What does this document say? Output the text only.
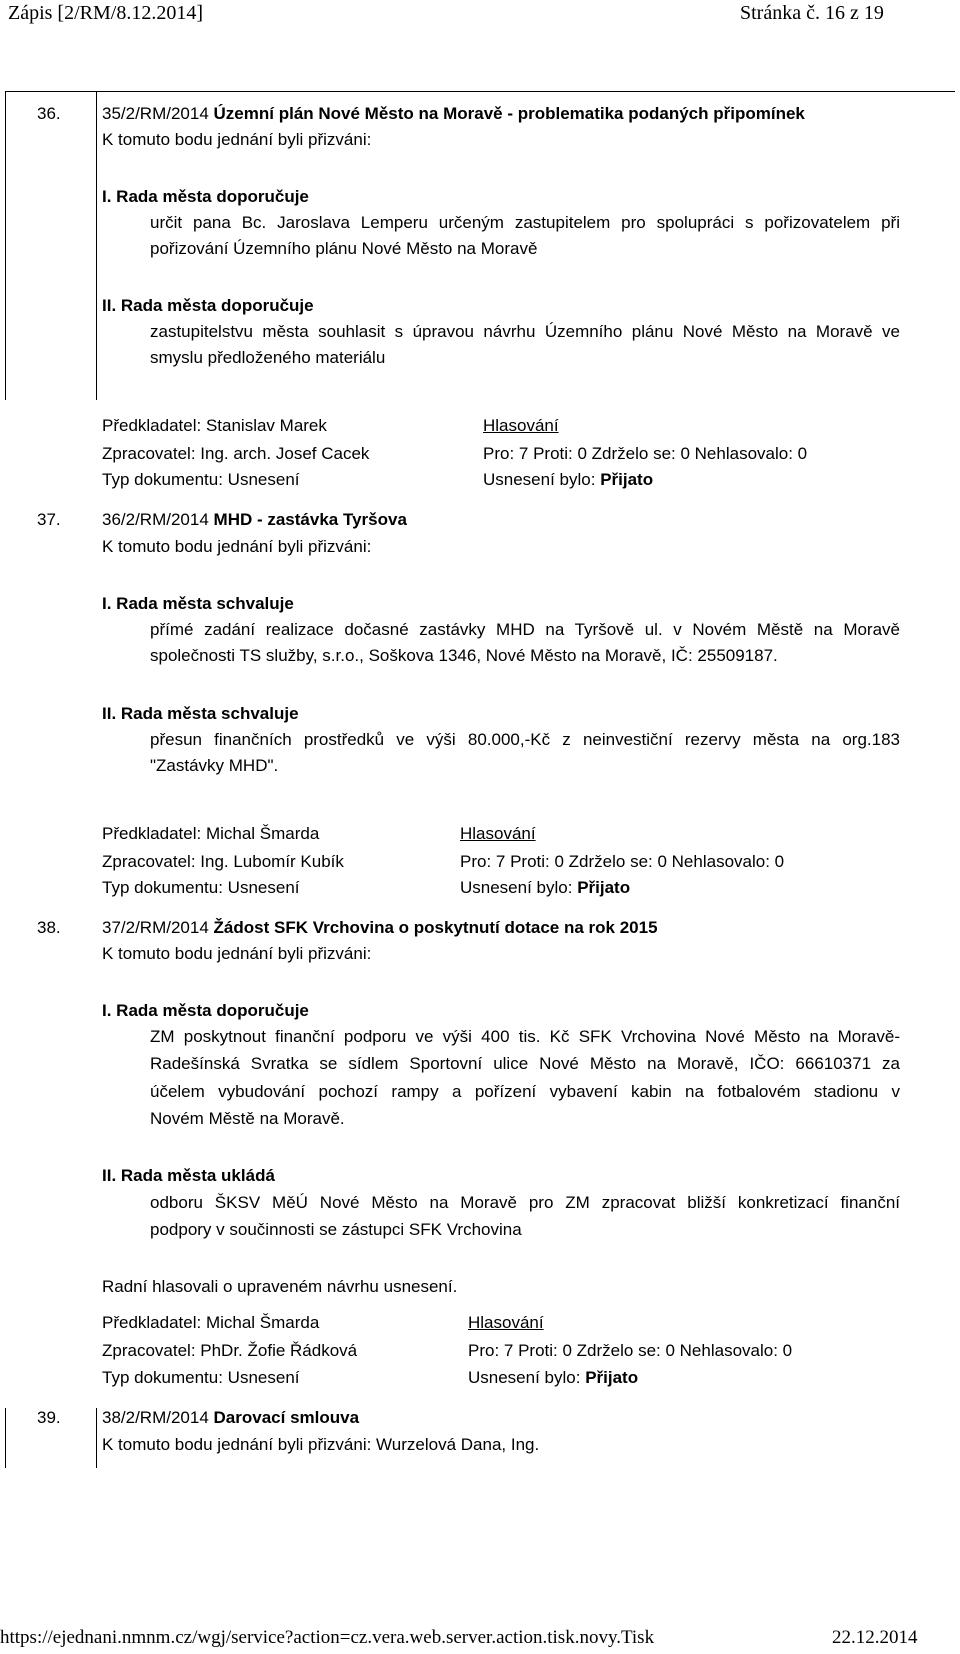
Zápis [2/RM/8.12.2014]	Stránka č. 16 z 19
36. 35/2/RM/2014 Územní plán Nové Město na Moravě - problematika podaných připomínek
K tomuto bodu jednání byli přizváni:
I. Rada města doporučuje
určit pana Bc. Jaroslava Lemperu určeným zastupitelem pro spolupráci s pořizovatelem při
pořizování Územního plánu Nové Město na Moravě
II. Rada města doporučuje
zastupitelstvu města souhlasit s úpravou návrhu Územního plánu Nové Město na Moravě ve
smyslu předloženého materiálu
Předkladatel: Stanislav Marek
Zpracovatel: Ing. arch. Josef Cacek
Typ dokumentu: Usnesení
Hlasování
Pro: 7 Proti: 0 Zdrželo se: 0 Nehlasovalo: 0
Usnesení bylo: Přijato
37. 36/2/RM/2014 MHD - zastávka Tyršova
K tomuto bodu jednání byli přizváni:
I. Rada města schvaluje
přímé zadání realizace dočasné zastávky MHD na Tyršově ul. v Novém Městě na Moravě
společnosti TS služby, s.r.o., Soškova 1346, Nové Město na Moravě, IČ: 25509187.
II. Rada města schvaluje
přesun finančních prostředků ve výši 80.000,-Kč z neinvestiční rezervy města na org.183
"Zastávky MHD".
Předkladatel: Michal Šmarda
Zpracovatel: Ing. Lubomír Kubík
Typ dokumentu: Usnesení
Hlasování
Pro: 7 Proti: 0 Zdrželo se: 0 Nehlasovalo: 0
Usnesení bylo: Přijato
38. 37/2/RM/2014 Žádost SFK Vrchovina o poskytnutí dotace na rok 2015
K tomuto bodu jednání byli přizváni:
I. Rada města doporučuje
ZM poskytnout finanční podporu ve výši 400 tis. Kč SFK Vrchovina Nové Město na Moravě-
Radešínská Svratka se sídlem Sportovní ulice Nové Město na Moravě, IČO: 66610371 za
účelem vybudování pochozí rampy a pořízení vybavení kabin na fotbalovém stadionu v
Novém Městě na Moravě.
II. Rada města ukládá
odboru ŠKSV MěÚ Nové Město na Moravě pro ZM zpracovat bližší konkretizací finanční
podpory v součinnosti se zástupci SFK Vrchovina
Radní hlasovali o upraveném návrhu usnesení.
Předkladatel: Michal Šmarda
Zpracovatel: PhDr. Žofie Řádková
Typ dokumentu: Usnesení
Hlasování
Pro: 7 Proti: 0 Zdrželo se: 0 Nehlasovalo: 0
Usnesení bylo: Přijato
39. 38/2/RM/2014 Darovací smlouva
K tomuto bodu jednání byli přizváni: Wurzelová Dana, Ing.
https://ejednani.nmnm.cz/wgj/service?action=cz.vera.web.server.action.tisk.novy.Tisk	22.12.2014
